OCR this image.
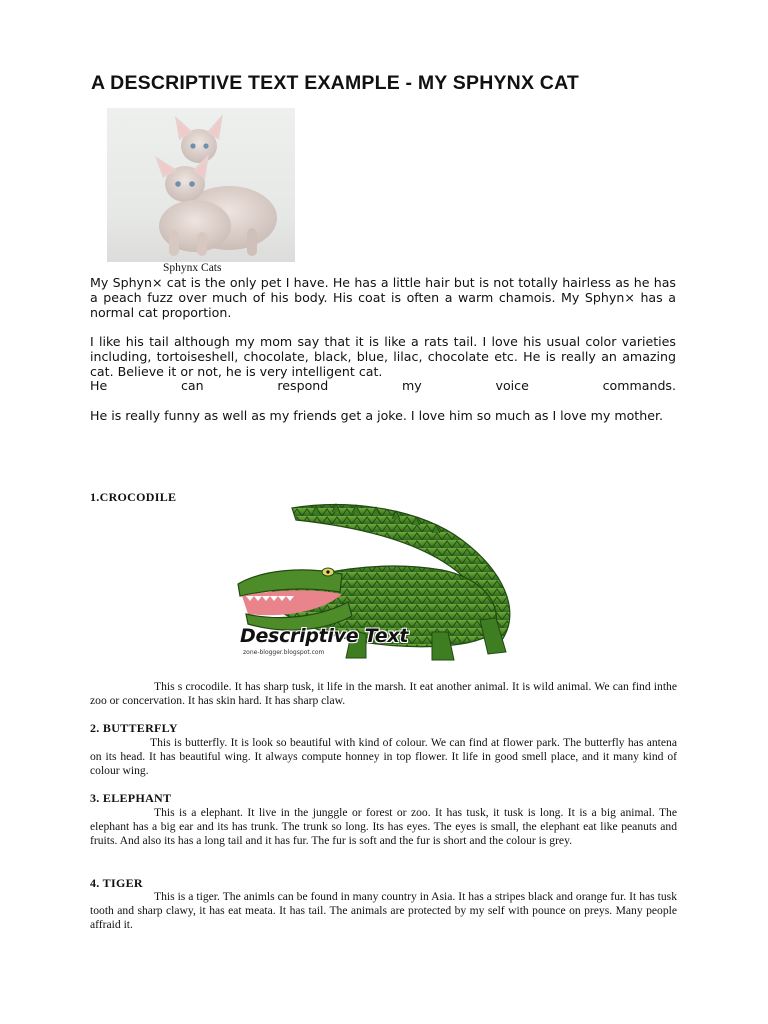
A DESCRIPTIVE TEXT EXAMPLE - MY SPHYNX CAT
Sphynx Cats

My Sphyn× cat is the only pet I have. He has a little hair but is not totally hairless as he has a peach fuzz over much of his body. His coat is often a warm chamois. My Sphyn× has a normal cat proportion.

I like his tail although my mom say that it is like a rats tail. I love his usual color varieties including, tortoiseshell, chocolate, black, blue, lilac, chocolate etc. He is really an amazing cat. Believe it or not, he is very intelligent cat.
He can respond my voice commands.

He is really funny as well as my friends get a joke. I love him so much as I love my mother.

1.CROCODILE
Descriptive Text
zone-blogger.blogspot.com

This s crocodile. It has sharp tusk, it life in the marsh. It eat another animal. It is wild animal. We can find inthe zoo or concervation. It has skin hard. It has sharp claw.

2. BUTTERFLY

This is butterfly. It is look so beautiful with kind of colour. We can find at flower park. The butterfly has antena on its head. It has beautiful wing. It always compute honney in top flower. It life in good smell place, and it many kind of colour wing.

3. ELEPHANT

This is a elephant. It live in the junggle or forest or zoo. It has tusk, it tusk is long. It is a big animal. The elephant has a big ear and its has trunk. The trunk so long. Its has eyes. The eyes is small, the elephant eat like peanuts and fruits. And also its has a long tail and it has fur. The fur is soft and the fur is short and the colour is grey.

4. TIGER

This is a tiger. The animls can be found in many country in Asia. It has a stripes black and orange fur. It has tusk tooth and sharp clawy, it has eat meata. It has tail. The animals are protected by my self with pounce on preys. Many people affraid it.
